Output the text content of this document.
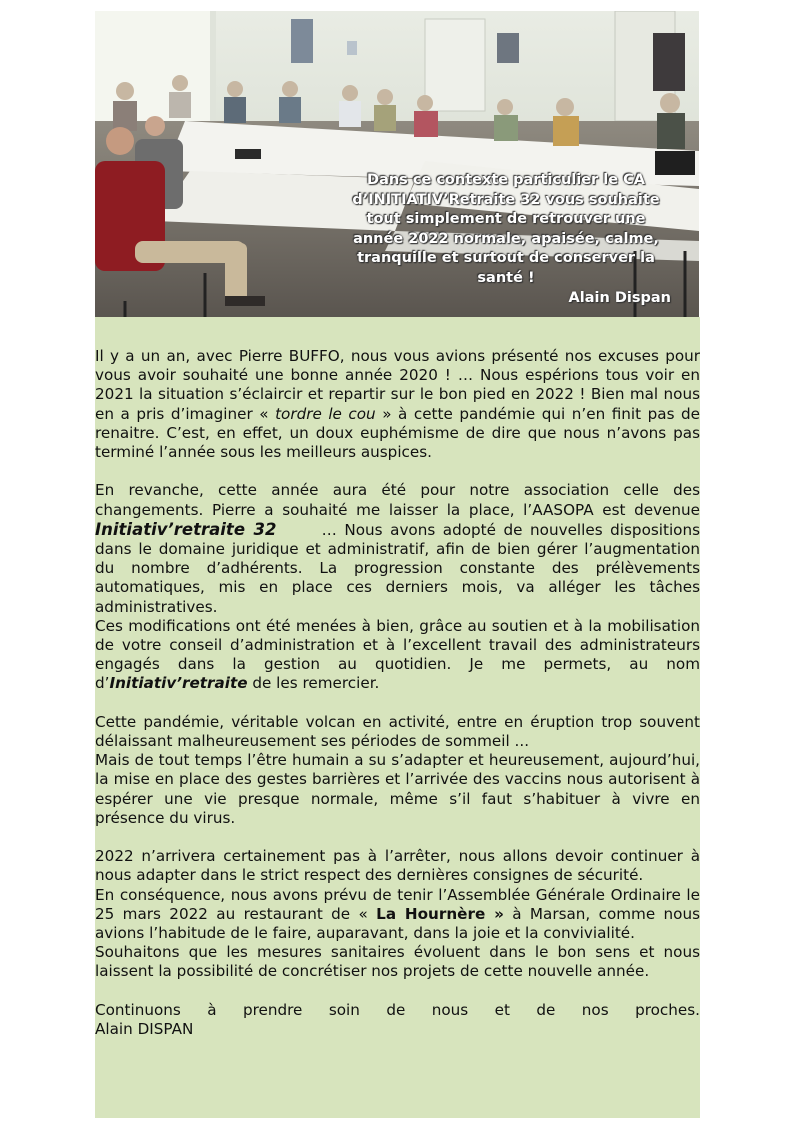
Dans ce contexte particulier le CA d’INITIATIV’Retraite 32 vous souhaite tout simplement de retrouver une année 2022 normale, apaisée, calme, tranquille et surtout de conserver la santé !
Alain Dispan

Il y a un an, avec Pierre BUFFO, nous vous avions présenté nos excuses pour vous avoir souhaité une bonne année 2020 ! … Nous espérions tous voir en 2021 la situation s’éclaircir et repartir sur le bon pied en 2022 ! Bien mal nous en a pris d’imaginer « tordre le cou » à cette pandémie qui n’en finit pas de renaitre. C’est, en effet, un doux euphémisme de dire que nous n’avons pas terminé l’année sous les meilleurs auspices.

En revanche, cette année aura été pour notre association celle des changements. Pierre a souhaité me laisser la place, l’AASOPA est devenue Initiativ’retraite 32      … Nous avons adopté de nouvelles dispositions dans le domaine juridique et administratif, afin de bien gérer l’augmentation du nombre d’adhérents. La progression constante des prélèvements automatiques, mis en place ces derniers mois, va alléger les tâches administratives.

Ces modifications ont été menées à bien, grâce au soutien et à la mobilisation de votre conseil d’administration et à l’excellent travail des administrateurs engagés dans la gestion au quotidien. Je me permets, au nom d’Initiativ’retraite de les remercier.

Cette pandémie, véritable volcan en activité, entre en éruption trop souvent délaissant malheureusement ses périodes de sommeil ...

Mais de tout temps l’être humain a su s’adapter et heureusement, aujourd’hui, la mise en place des gestes barrières et l’arrivée des vaccins nous autorisent à espérer une vie presque normale, même s’il faut s’habituer à vivre en présence du virus.

2022 n’arrivera certainement pas à l’arrêter, nous allons devoir continuer à nous adapter dans le strict respect des dernières consignes de sécurité.

En conséquence, nous avons prévu de tenir l’Assemblée Générale Ordinaire le 25 mars 2022 au restaurant de « La Hournère » à Marsan, comme nous avions l’habitude de le faire, auparavant, dans la joie et la convivialité.

Souhaitons que les mesures sanitaires évoluent dans le bon sens et nous laissent la possibilité de concrétiser nos projets de cette nouvelle année.

Continuons à prendre soin de nous et de nos proches.

Alain DISPAN
